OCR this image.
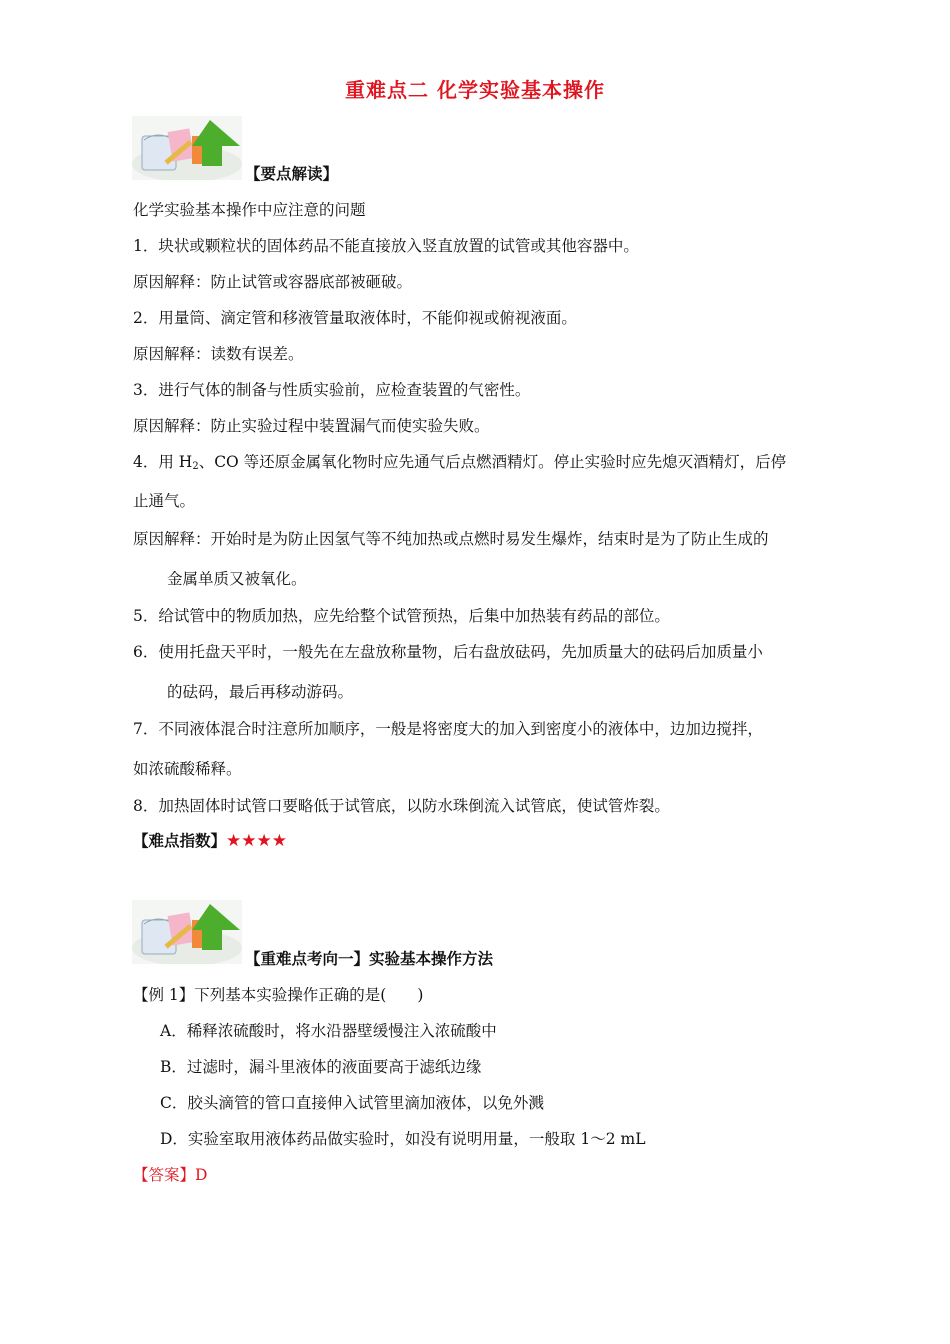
重难点二 化学实验基本操作
【要点解读】
化学实验基本操作中应注意的问题
1．块状或颗粒状的固体药品不能直接放入竖直放置的试管或其他容器中。
原因解释：防止试管或容器底部被砸破。
2．用量筒、滴定管和移液管量取液体时，不能仰视或俯视液面。
原因解释：读数有误差。
3．进行气体的制备与性质实验前，应检查装置的气密性。
原因解释：防止实验过程中装置漏气而使实验失败。
4．用 $H_2$、CO 等还原金属氧化物时应先通气后点燃酒精灯。停止实验时应先熄灭酒精灯，后停
止通气。
原因解释：开始时是为防止因氢气等不纯加热或点燃时易发生爆炸，结束时是为了防止生成的
金属单质又被氧化。
5．给试管中的物质加热，应先给整个试管预热，后集中加热装有药品的部位。
6．使用托盘天平时，一般先在左盘放称量物，后右盘放砝码，先加质量大的砝码后加质量小
的砝码，最后再移动游码。
7．不同液体混合时注意所加顺序，一般是将密度大的加入到密度小的液体中，边加边搅拌，
如浓硫酸稀释。
8．加热固体时试管口要略低于试管底，以防水珠倒流入试管底，使试管炸裂。
【难点指数】★★★★
【重难点考向一】实验基本操作方法
【例 1】下列基本实验操作正确的是(　　)
A．稀释浓硫酸时，将水沿器壁缓慢注入浓硫酸中
B．过滤时，漏斗里液体的液面要高于滤纸边缘
C．胶头滴管的管口直接伸入试管里滴加液体，以免外溅
D．实验室取用液体药品做实验时，如没有说明用量，一般取 1～2 mL
【答案】D
